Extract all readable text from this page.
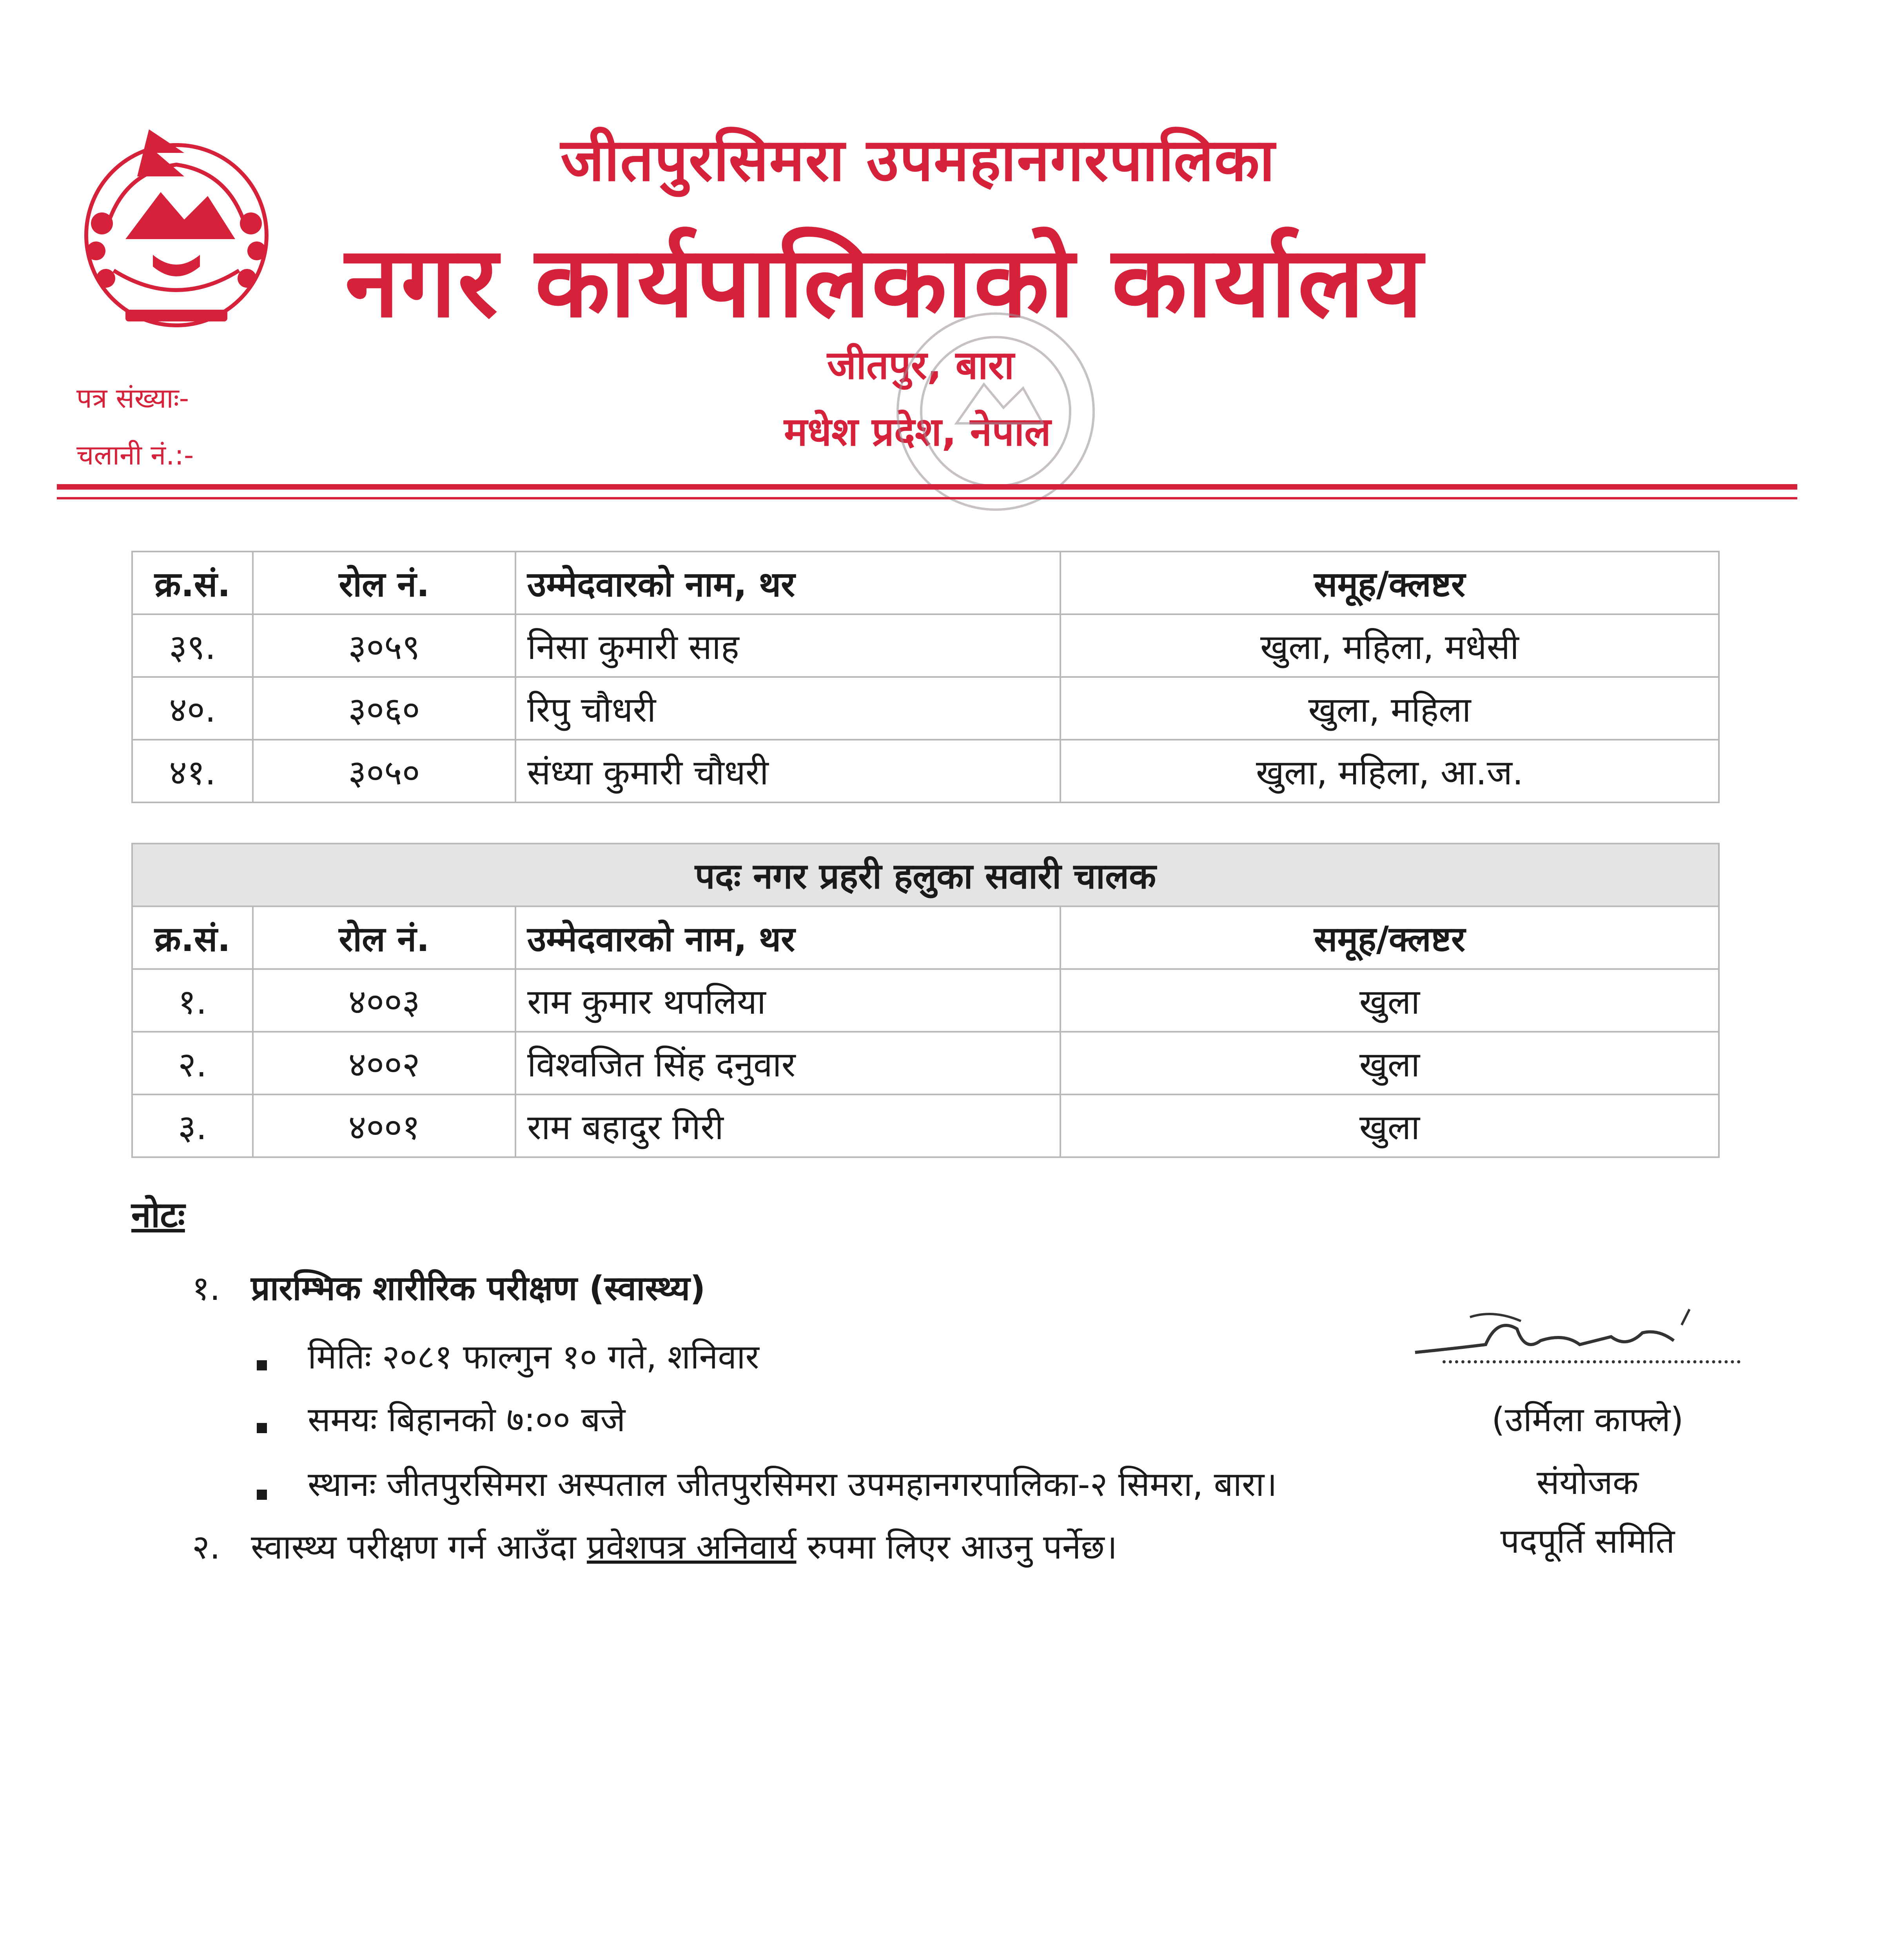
जीतपुरसिमरा उपमहानगरपालिका
नगर कार्यपालिकाको कार्यालय
जीतपुर, बारा
मधेश प्रदेश, नेपाल
पत्र संख्याः-
चलानी नं.:-
क्र.सं.	रोल नं.	उम्मेदवारको नाम, थर	समूह/क्लष्टर
३९.	३०५९	निसा कुमारी साह	खुला, महिला, मधेसी
४०.	३०६०	रिपु चौधरी	खुला, महिला
४१.	३०५०	संध्या कुमारी चौधरी	खुला, महिला, आ.ज.
पदः नगर प्रहरी हलुका सवारी चालक			
क्र.सं.	रोल नं.	उम्मेदवारको नाम, थर	समूह/क्लष्टर
१.	४००३	राम कुमार थपलिया	खुला
२.	४००२	विश्वजित सिंह दनुवार	खुला
३.	४००१	राम बहादुर गिरी	खुला
नोटः
१. प्रारम्भिक शारीरिक परीक्षण (स्वास्थ्य)
मितिः २०८१ फाल्गुन १० गते, शनिवार
समयः बिहानको ७:०० बजे
स्थानः जीतपुरसिमरा अस्पताल जीतपुरसिमरा उपमहानगरपालिका-२ सिमरा, बारा।
२. स्वास्थ्य परीक्षण गर्न आउँदा प्रवेशपत्र अनिवार्य रुपमा लिएर आउनु पर्नेछ।
(उर्मिला काफ्ले)
संयोजक
पदपूर्ति समिति
